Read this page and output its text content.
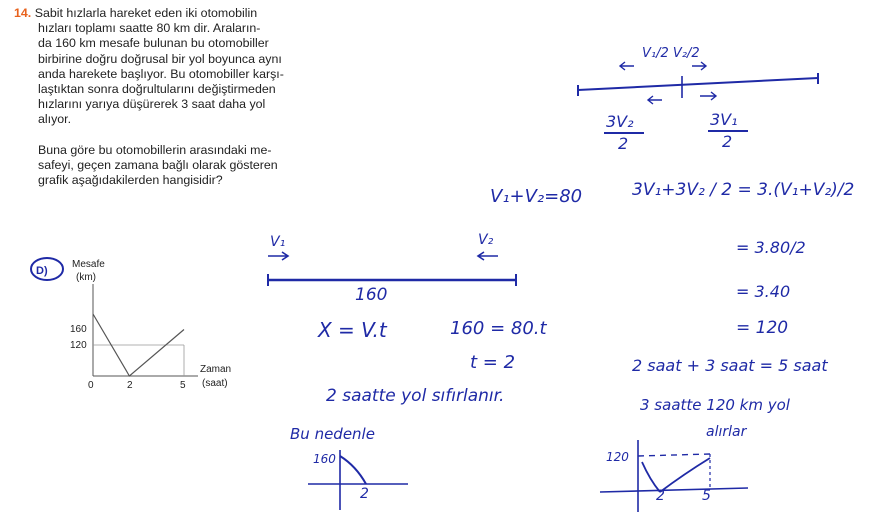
14. Sabit hızlarla hareket eden iki otomobilin
hızları toplamı saatte 80 km dir. Araların-
da 160 km mesafe bulunan bu otomobiller
birbirine doğru doğrusal bir yol boyunca aynı
anda harekete başlıyor. Bu otomobiller karşı-
laştıktan sonra doğrultularını değiştirmeden
hızlarını yarıya düşürerek 3 saat daha yol
alıyor.
Buna göre bu otomobillerin arasındaki me-
safeyi, geçen zamana bağlı olarak gösteren
grafik aşağıdakilerden hangisidir?
D)
Mesafe
(km)
Zaman
(saat)
160
120
0	2	5
V₁	V₂
160
X = V.t	160 = 80.t
t = 2
2 saatte yol sıfırlanır.
Bu nedenle
160
2
V₁+V₂=80
V₁/2 V₂/2
3V₂
2
3V₁
2
3V₁+3V₂ / 2 = 3.(V₁+V₂)/2
= 3.80/2
= 3.40
= 120
2 saat + 3 saat = 5 saat
3 saatte 120 km yol
alırlar
120
2	5
